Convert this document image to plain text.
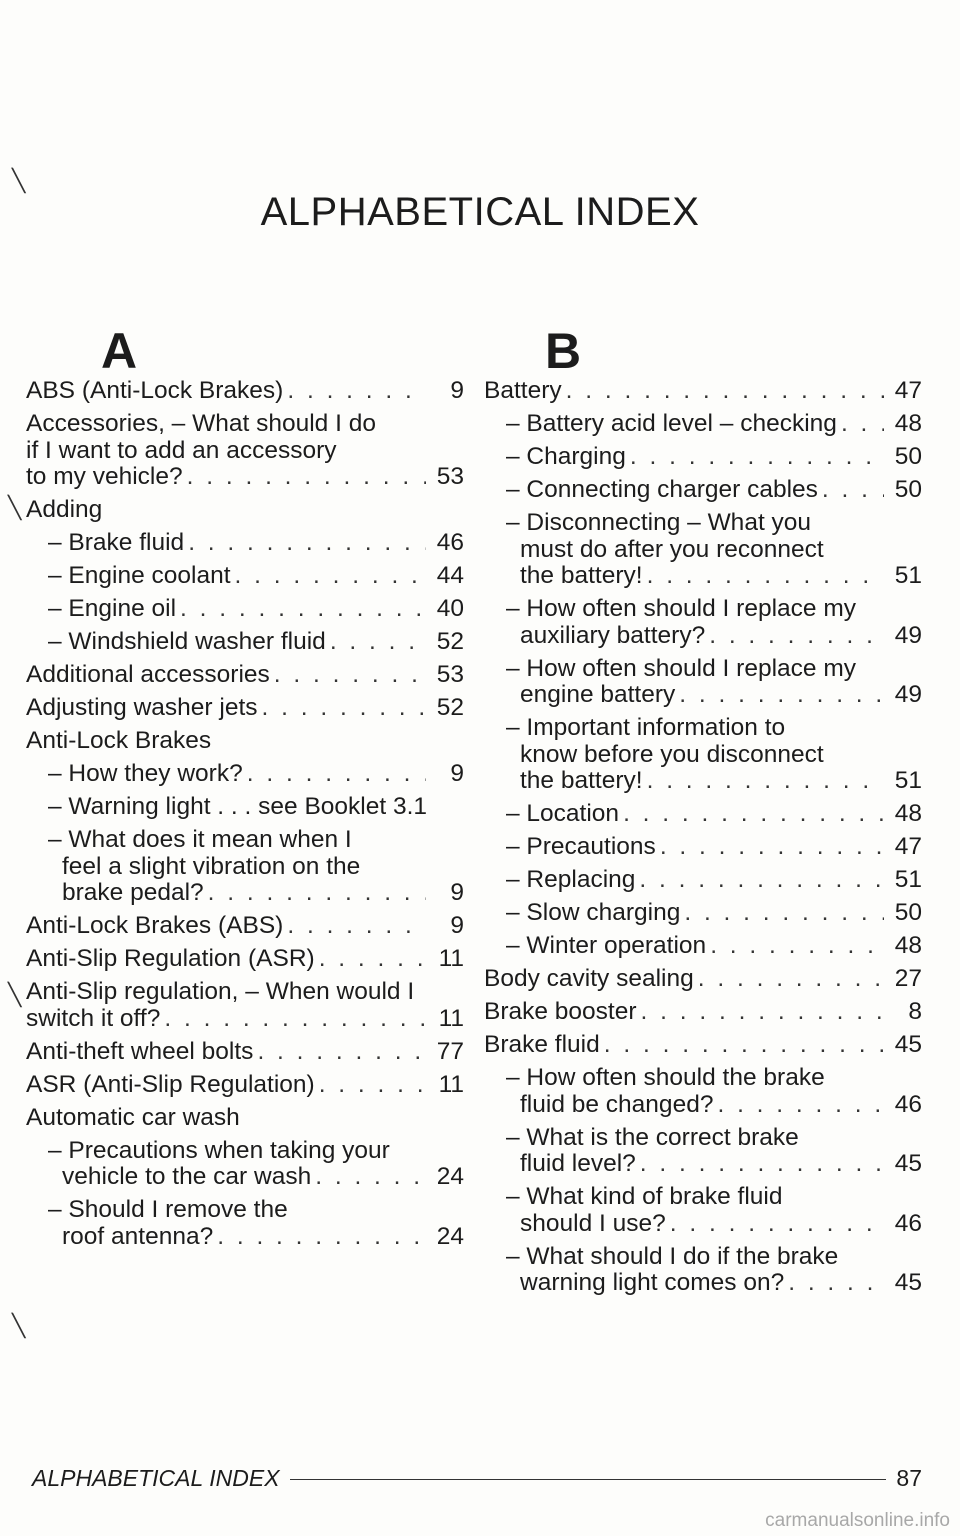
╲
╲
╲
╲
ALPHABETICAL INDEX
A	B
ABS (Anti-Lock Brakes) . . .	9
Accessories, – What should I do
if I want to add an accessory
to my vehicle? . . .	53
Adding
– Brake fluid . . .	46
– Engine coolant . . .	44
– Engine oil . . .	40
– Windshield washer fluid . . .	52
Additional accessories . . .	53
Adjusting washer jets . . .	52
Anti-Lock Brakes
– How they work? . . .	9
– Warning light . . . see Booklet 3.1
– What does it mean when I
feel a slight vibration on the
brake pedal? . . .	9
Anti-Lock Brakes (ABS) . . .	9
Anti-Slip Regulation (ASR) . . .	11
Anti-Slip regulation, – When would I
switch it off? . . .	11
Anti-theft wheel bolts . . .	77
ASR (Anti-Slip Regulation) . . .	11
Automatic car wash
– Precautions when taking your
vehicle to the car wash . . .	24
– Should I remove the
roof antenna? . . .	24
Battery . . .	47
– Battery acid level – checking . . . 48
– Charging . . .	50
– Connecting charger cables . . .	50
– Disconnecting – What you
must do after you reconnect
the battery! . . .	51
– How often should I replace my
auxiliary battery? . . .	49
– How often should I replace my
engine battery . . .	49
– Important information to
know before you disconnect
the battery! . . .	51
– Location . . .	48
– Precautions . . .	47
– Replacing . . .	51
– Slow charging . . .	50
– Winter operation . . .	48
Body cavity sealing . . .	27
Brake booster . . .	8
Brake fluid . . .	45
– How often should the brake
fluid be changed? . . .	46
– What is the correct brake
fluid level? . . .	45
– What kind of brake fluid
should I use? . . .	46
– What should I do if the brake
warning light comes on? . . .	45
ALPHABETICAL INDEX	87
carmanualsonline.info
